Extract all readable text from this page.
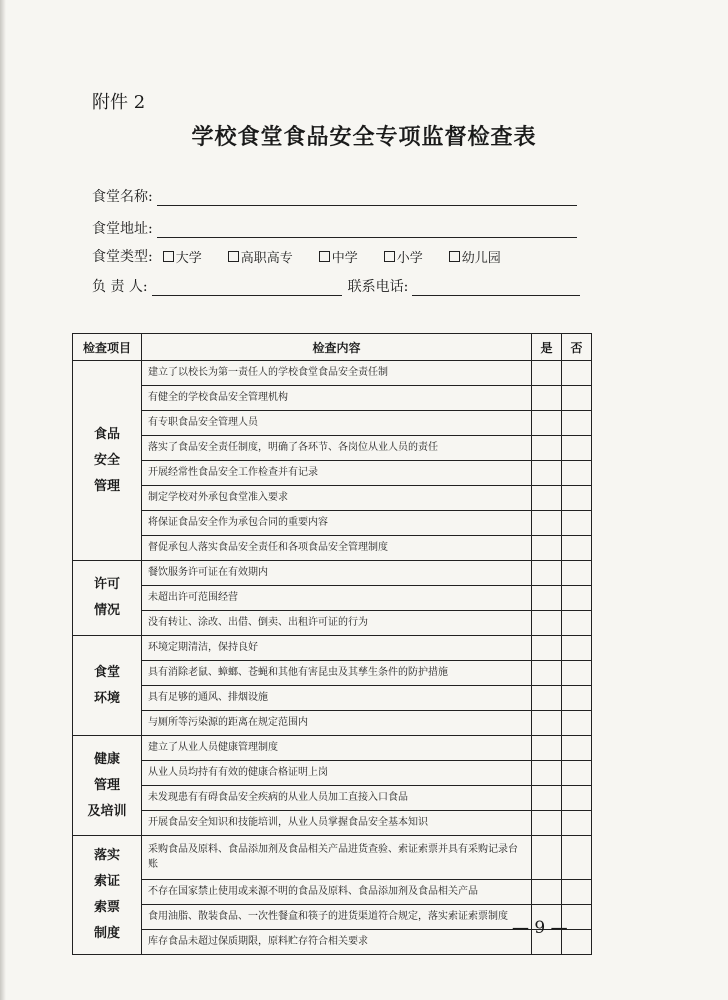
附件 2
学校食堂食品安全专项监督检查表
食堂名称:
食堂地址:
食堂类型: 大学	高职高专	中学	小学	幼儿园
负 责 人:	联系电话:
检查项目	检查内容	是	否
食品
安全
管理	建立了以校长为第一责任人的学校食堂食品安全责任制		
	有健全的学校食品安全管理机构		
	有专职食品安全管理人员		
	落实了食品安全责任制度，明确了各环节、各岗位从业人员的责任		
	开展经常性食品安全工作检查并有记录		
	制定学校对外承包食堂准入要求		
	将保证食品安全作为承包合同的重要内容		
	督促承包人落实食品安全责任和各项食品安全管理制度		
许可
情况	餐饮服务许可证在有效期内		
	未超出许可范围经营		
	没有转让、涂改、出借、倒卖、出租许可证的行为		
食堂
环境	环境定期清洁，保持良好		
	具有消除老鼠、蟑螂、苍蝇和其他有害昆虫及其孳生条件的防护措施		
	具有足够的通风、排烟设施		
	与厕所等污染源的距离在规定范围内		
健康
管理
及培训	建立了从业人员健康管理制度		
	从业人员均持有有效的健康合格证明上岗		
	未发现患有有碍食品安全疾病的从业人员加工直接入口食品		
	开展食品安全知识和技能培训，从业人员掌握食品安全基本知识		
落实
索证
索票
制度	采购食品及原料、食品添加剂及食品相关产品进货查验、索证索票并具有采购记录台账		
	不存在国家禁止使用或来源不明的食品及原料、食品添加剂及食品相关产品		
	食用油脂、散装食品、一次性餐盒和筷子的进货渠道符合规定，落实索证索票制度		
	库存食品未超过保质期限，原料贮存符合相关要求		
— 9 —
